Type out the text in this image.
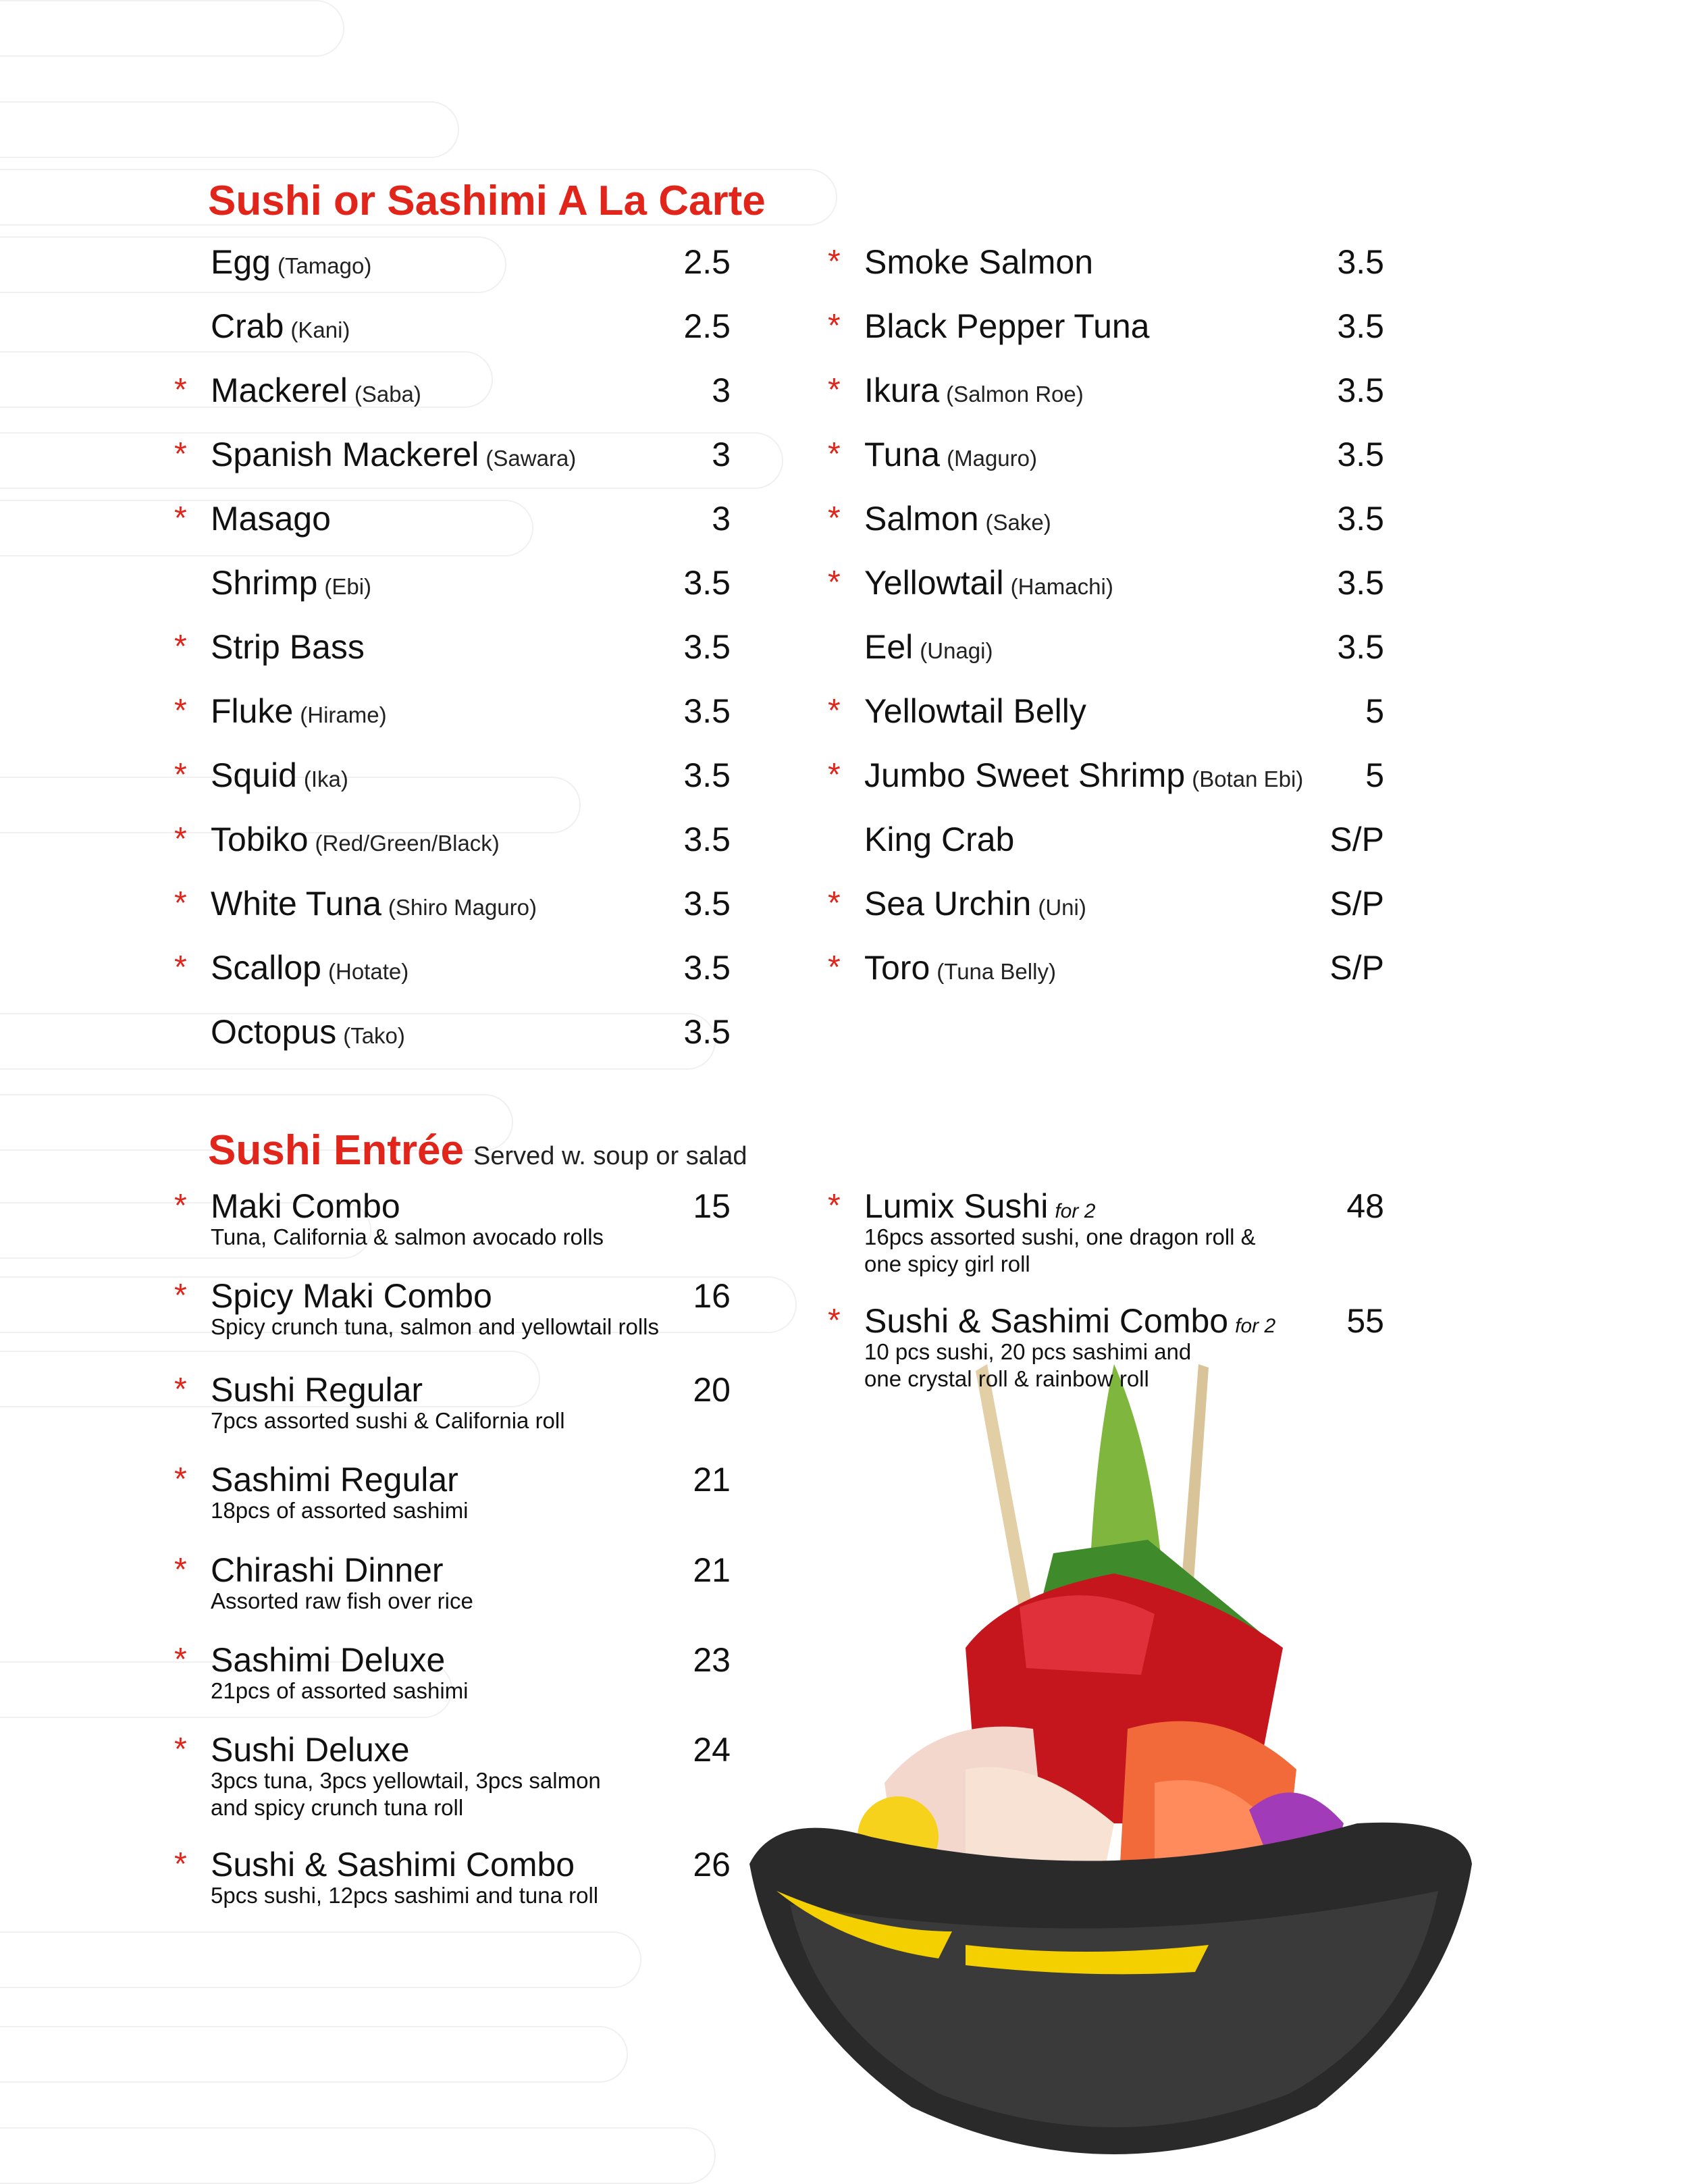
Sushi or Sashimi A La Carte
Sushi Entrée Served w. soup or salad
Egg (Tamago)	2.5
Crab (Kani)	2.5
* Mackerel (Saba)	3
* Spanish Mackerel (Sawara)	3
* Masago	3
Shrimp (Ebi)	3.5
* Strip Bass	3.5
* Fluke (Hirame)	3.5
* Squid (Ika)	3.5
* Tobiko (Red/Green/Black)	3.5
* White Tuna (Shiro Maguro)	3.5
* Scallop (Hotate)	3.5
Octopus (Tako)	3.5
* Smoke Salmon	3.5
* Black Pepper Tuna	3.5
* Ikura (Salmon Roe)	3.5
* Tuna (Maguro)	3.5
* Salmon (Sake)	3.5
* Yellowtail (Hamachi)	3.5
Eel (Unagi)	3.5
* Yellowtail Belly	5
* Jumbo Sweet Shrimp (Botan Ebi)	5
King Crab	S/P
* Sea Urchin (Uni)	S/P
* Toro (Tuna Belly)	S/P
* Maki Combo	15
Tuna, California & salmon avocado rolls
* Spicy Maki Combo	16
Spicy crunch tuna, salmon and yellowtail rolls
* Sushi Regular	20
7pcs assorted sushi & California roll
* Sashimi Regular	21
18pcs of assorted sashimi
* Chirashi Dinner	21
Assorted raw fish over rice
* Sashimi Deluxe	23
21pcs of assorted sashimi
* Sushi Deluxe	24
3pcs tuna, 3pcs yellowtail, 3pcs salmon
and spicy crunch tuna roll
* Sushi & Sashimi Combo	26
5pcs sushi, 12pcs sashimi and tuna roll
* Lumix Sushi for 2	48
16pcs assorted sushi, one dragon roll &
one spicy girl roll
* Sushi & Sashimi Combo for 2	55
10 pcs sushi, 20 pcs sashimi and
one crystal roll & rainbow roll
